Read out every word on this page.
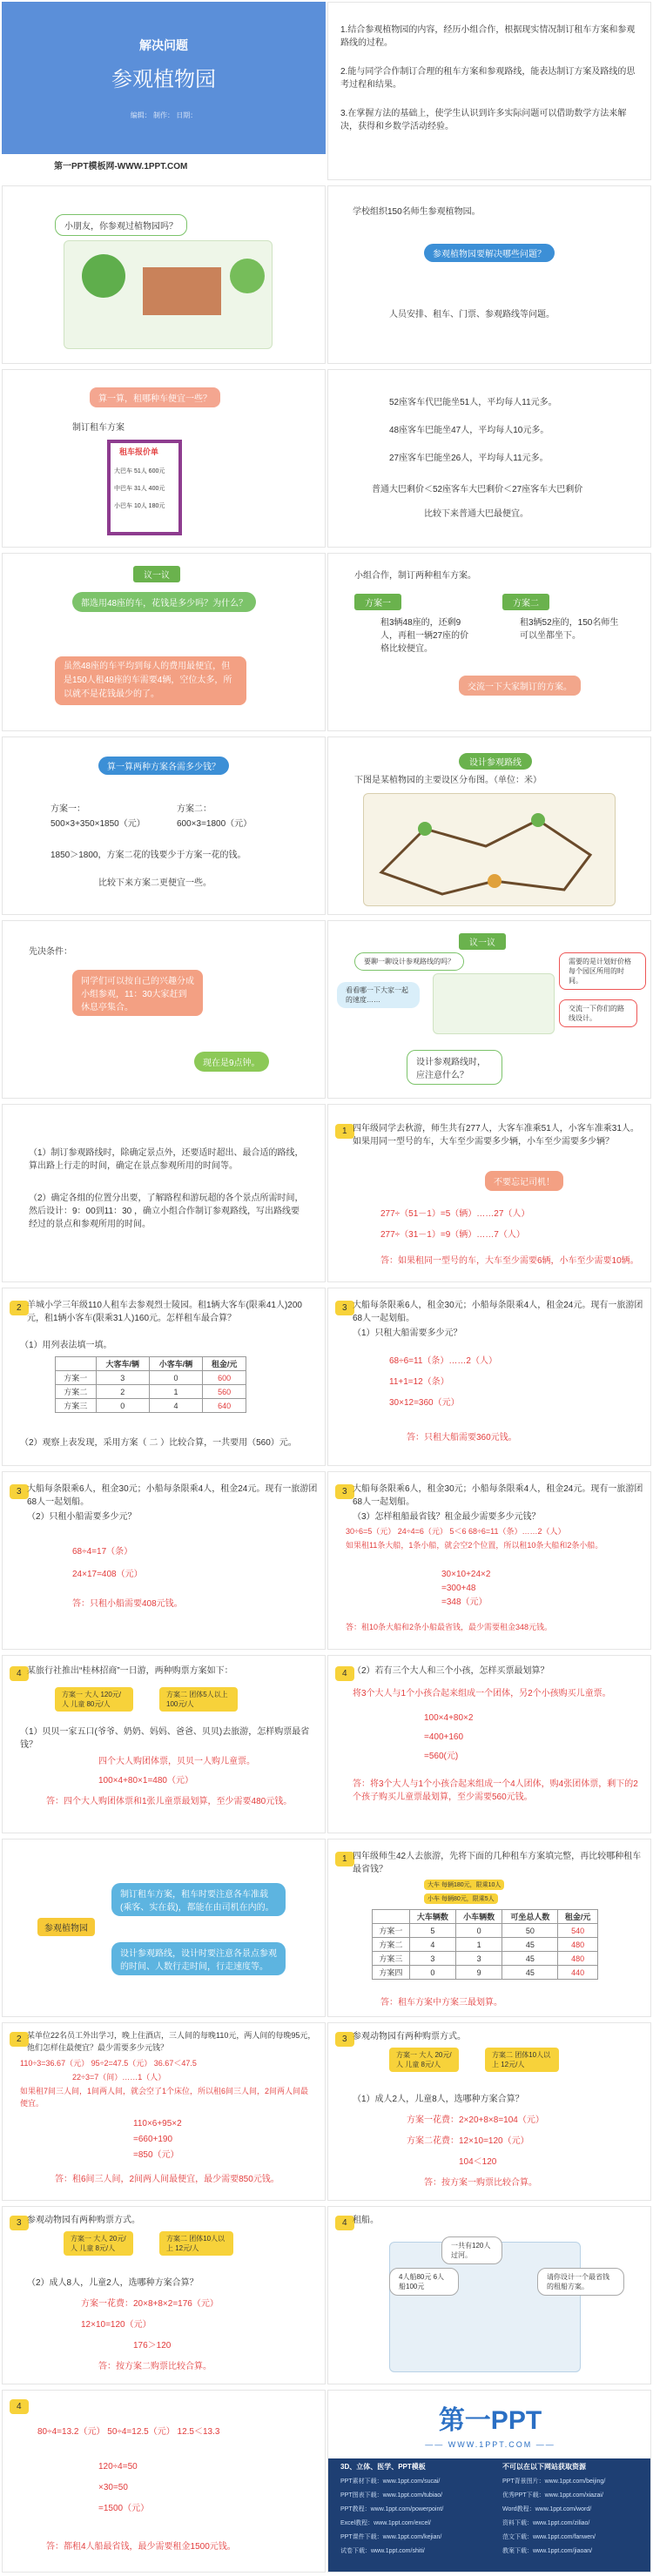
解决问题
参观植物园
编辑： 制作： 日期：
第一PPT模板网-WWW.1PPT.COM
1.结合参观植物园的内容，经历小组合作，根据现实情况制订租车方案和参观路线的过程。
2.能与同学合作制订合理的租车方案和参观路线，能表达制订方案及路线的思考过程和结果。
3.在掌握方法的基础上，使学生认识到许多实际问题可以借助数学方法来解决，获得和乡数学活动经验。
小朋友，你参观过植物园吗？
学校组织150名师生参观植物园。
参观植物园要解决哪些问题？
人员安排、租车、门票、参观路线等问题。
算一算，租哪种车便宜一些？
制订租车方案
租车报价单
大巴车 51人 600元
中巴车 31人 400元
小巴车 10人 180元
52座客车代巴能坐51人，平均每人11元多。
48座客车巴能坐47人，平均每人10元多。
27座客车巴能坐26人，平均每人11元多。
普通大巴剩价＜52座客车大巴剩价＜27座客车大巴剩价
比较下来普通大巴最便宜。
议一议
都选用48座的车，花钱是多少吗？为什么？
虽然48座的车平均到每人的费用最便宜，但是150人租48座的车需要4辆，空位太多，所以就不是花钱最少的了。
小组合作，制订两种租车方案。
方案一
租3辆48座的，还剩9人，再租一辆27座的价格比较便宜。
方案二
租3辆52座的，150名师生可以坐都坐下。
交流一下大家制订的方案。
算一算两种方案各需多少钱？
方案一：
500×3+350×1850（元）
方案二：
600×3=1800（元）
1850＞1800，方案二花的钱要少于方案一花的钱。
比较下来方案二更便宜一些。
设计参观路线
下图是某植物园的主要设区分布图。（单位：米）
先决条件：
同学们可以按自己的兴趣分成小组参观，11：30大家赶到休息亭集合。
现在是9点钟。
议一议
要聊一聊设计参观路线的吗？
看看哪一下大家一起的速度……
需要的是计划好价格每个园区所用的时间。
交流一下你们的路线设计。
设计参观路线时，应注意什么？
（1）制订参观路线时，除确定景点外，还要适时超出、最合适的路线，算出路上行走的时间，确定在景点参观所用的时间等。
（2）确定各组的位置分出要，了解路程和游玩超的各个景点所需时间，然后设计：9：00到11：30 ，确立小组合作制订参观路线，写出路线要经过的景点和参观所用的时间。
1 四年级同学去秋游，师生共有277人，大客车准乘51人，小客车准乘31人。如果用同一型号的车，大车至少需要多少辆，小车至少需要多少辆？
不要忘记司机！
277÷（51－1）=5（辆）……27（人）
277÷（31－1）=9（辆）……7（人）
答：如果租同一型号的车，大车至少需要6辆，小车至少需要10辆。
2 羊城小学三年级110人租车去参观烈士陵园。租1辆大客车(限乘41人)200元，租1辆小客车(限乘31人)160元。怎样租车最合算？
（1）用列表法填一填。
	大客车/辆	小客车/辆	租金/元
方案一	3	0	600
方案二	2	1	560
方案三	0	4	640
（2）观察上表发现，采用方案（ 二 ）比较合算，一共要用（560）元。
3 大船每条限乘6人，租金30元；小船每条限乘4人，租金24元。现有一旅游团68人一起划船。
（1）只租大船需要多少元？
68÷6=11（条）……2（人）
11+1=12（条）
30×12=360（元）
答：只租大船需要360元钱。
3 大船每条限乘6人，租金30元；小船每条限乘4人，租金24元。现有一旅游团68人一起划船。
（2）只租小船需要多少元？
68÷4=17（条）
24×17=408（元）
答：只租小船需要408元钱。
3 大船每条限乘6人，租金30元；小船每条限乘4人，租金24元。现有一旅游团68人一起划船。
（3）怎样租船最省钱？租金最少需要多少元钱？
30÷6=5（元） 24÷4=6（元） 5＜6 68÷6=11（条）……2（人）
如果租11条大船，1条小船，就会空2个位置，所以租10条大船和2条小船。
30×10+24×2
=300+48
=348（元）
答：租10条大船和2条小船最省钱，最少需要租金348元钱。
4 某旅行社推出“桂林招商”一日游，两种购票方案如下：
方案一 大人 120元/人 儿童 80元/人
方案二 团体5人以上 100元/人
（1）贝贝一家五口(爷爷、奶奶、妈妈、爸爸、贝贝)去旅游，怎样购票最省钱？
四个大人购团体票，贝贝一人购儿童票。
100×4+80×1=480（元）
答：四个大人购团体票和1张儿童票最划算，至少需要480元钱。
4 （2）若有三个大人和三个小孩，怎样买票最划算？
将3个大人与1个小孩合起来组成一个团体，另2个小孩购买儿童票。
100×4+80×2
=400+160
=560(元)
答：将3个大人与1个小孩合起来组成一个4人团体，购4张团体票，剩下的2个孩子购买儿童票最划算，至少需要560元钱。
参观植物园
制订租车方案，租车时要注意各车准载(乘客、实在载)，都能在由司机在内的。
设计参观路线，设计时要注意各景点参观的时间、人数行走时间，行走速度等。
1 四年级师生42人去旅游，先将下面的几种租车方案填完整，再比较哪种租车最省钱？
大车 每辆180元，限乘10人
小车 每辆80元，限乘5人
	大车辆数	小车辆数	可坐总人数	租金/元
方案一	5	0	50	540
方案二	4	1	45	480
方案三	3	3	45	480
方案四	0	9	45	440
答：租车方案中方案三最划算。
2 某单位22名员工外出学习，晚上住酒店，三人间的每晚110元，两人间的每晚95元，他们怎样住最便宜？最少需要多少元钱？
110÷3=36.67（元） 95÷2=47.5（元） 36.67＜47.5
22÷3=7（间）……1（人）
如果租7间三人间，1间两人间，就会空了1个床位，所以租6间三人间，2间两人间最便宜。
110×6+95×2
=660+190
=850（元）
答：租6间三人间，2间两人间最便宜，最少需要850元钱。
3 参观动物园有两种购票方式。
方案一 大人 20元/人 儿童 8元/人
方案二 团体10人以上 12元/人
（1）成人2人，儿童8人，选哪种方案合算？
方案一花费：2×20+8×8=104（元）
方案二花费：12×10=120（元）
104＜120
答：按方案一购票比较合算。
3 参观动物园有两种购票方式。
方案一 大人 20元/人 儿童 8元/人
方案二 团体10人以上 12元/人
（2）成人8人，儿童2人，选哪种方案合算？
方案一花费：20×8+8×2=176（元）
12×10=120（元）
176＞120
答：按方案二购票比较合算。
4 租船。
一共有120人过河。
4人船80元 6人船100元
请你设计一个最省钱的租船方案。
4
80÷4=13.2（元） 50÷4=12.5（元） 12.5＜13.3
120÷4=50
×30=50
=1500（元）
答：都租4人船最省钱，最少需要租金1500元钱。
第一PPT
—— WWW.1PPT.COM ——
3D、立体、医学、PPT模板	不可以在以下网站获取资源
PPT素材下载：www.1ppt.com/sucai/	PPT背景图片：www.1ppt.com/beijing/
PPT图表下载：www.1ppt.com/tubiao/	优秀PPT下载：www.1ppt.com/xiazai/
PPT教程：www.1ppt.com/powerpoint/	Word教程：www.1ppt.com/word/
Excel教程：www.1ppt.com/excel/	资料下载：www.1ppt.com/ziliao/
PPT课件下载：www.1ppt.com/kejian/	范文下载：www.1ppt.com/fanwen/
试卷下载：www.1ppt.com/shiti/	教案下载：www.1ppt.com/jiaoan/
